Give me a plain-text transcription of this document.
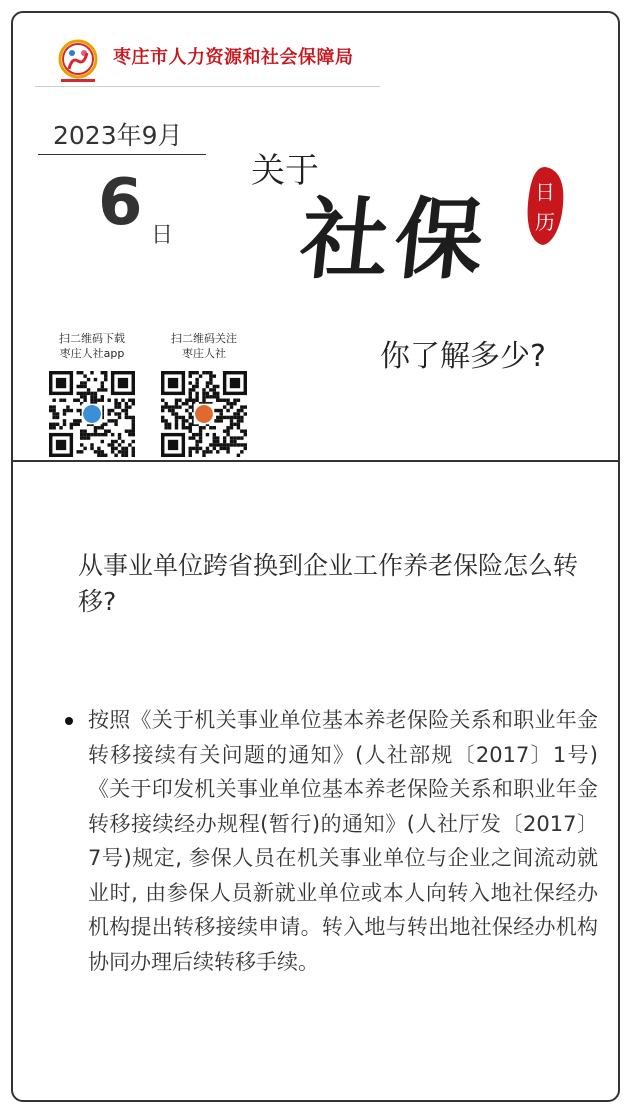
枣庄市人力资源和社会保障局
2023年9月
6 日
关于
社保 日
历
你了解多少?
扫二维码下载
枣庄人社app
扫二维码关注
枣庄人社
从事业单位跨省换到企业工作养老保险怎么转移?
按照《关于机关事业单位基本养老保险关系和职业年金转移接续有关问题的通知》(人社部规〔2017〕1号)《关于印发机关事业单位基本养老保险关系和职业年金转移接续经办规程(暂行)的通知》(人社厅发〔2017〕7号)规定, 参保人员在机关事业单位与企业之间流动就业时, 由参保人员新就业单位或本人向转入地社保经办机构提出转移接续申请。转入地与转出地社保经办机构协同办理后续转移手续。
